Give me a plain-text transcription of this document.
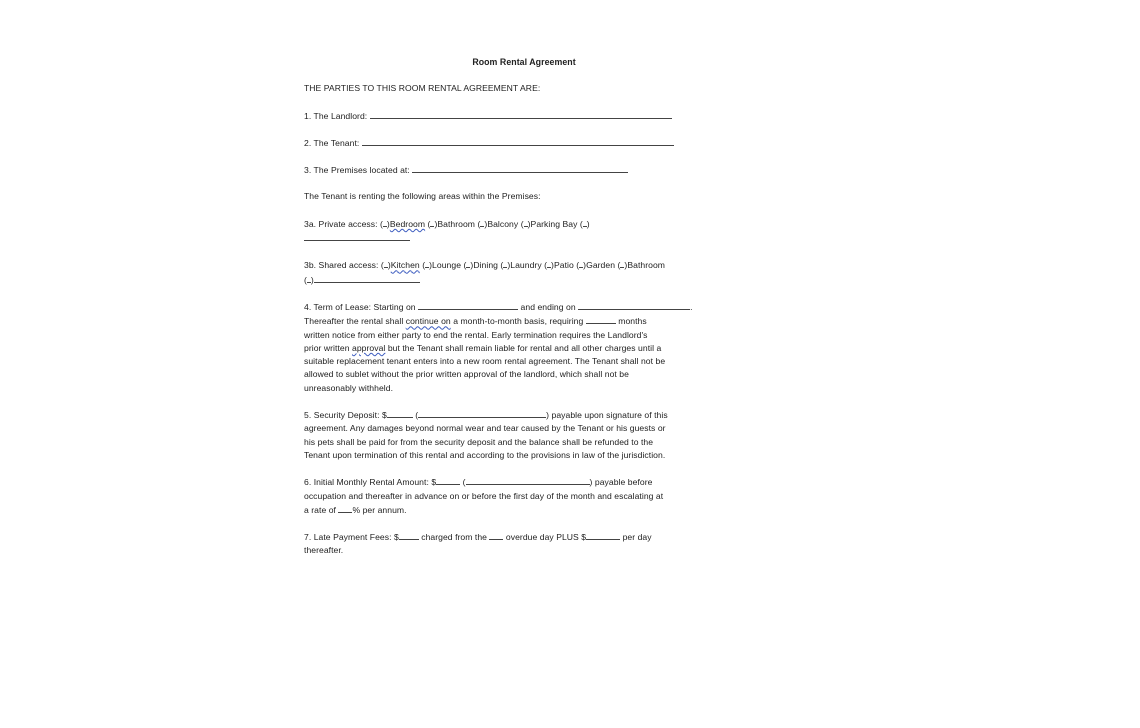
Room Rental Agreement

THE PARTIES TO THIS ROOM RENTAL AGREEMENT ARE:

1. The Landlord:

2. The Tenant:

3. The Premises located at:

The Tenant is renting the following areas within the Premises:

3a. Private access: ( )Bedroom ( )Bathroom ( )Balcony ( )Parking Bay ( )

3b. Shared access: ( )Kitchen ( )Lounge ( )Dining ( )Laundry ( )Patio ( )Garden ( )Bathroom
( )

4. Term of Lease: Starting on	and ending on	.

Thereafter the rental shall continue on a month-to-month basis, requiring	months

written notice from either party to end the rental. Early termination requires the Landlord's

prior written approval but the Tenant shall remain liable for rental and all other charges until a

suitable replacement tenant enters into a new room rental agreement. The Tenant shall not be

allowed to sublet without the prior written approval of the landlord, which shall not be

unreasonably withheld.

5. Security Deposit: $	(	) payable upon signature of this

agreement. Any damages beyond normal wear and tear caused by the Tenant or his guests or

his pets shall be paid for from the security deposit and the balance shall be refunded to the

Tenant upon termination of this rental and according to the provisions in law of the jurisdiction.

6. Initial Monthly Rental Amount: $	(	) payable before

occupation and thereafter in advance on or before the first day of the month and escalating at

a rate of % per annum.

7. Late Payment Fees: $	charged from the overdue day PLUS $	per day

thereafter.
